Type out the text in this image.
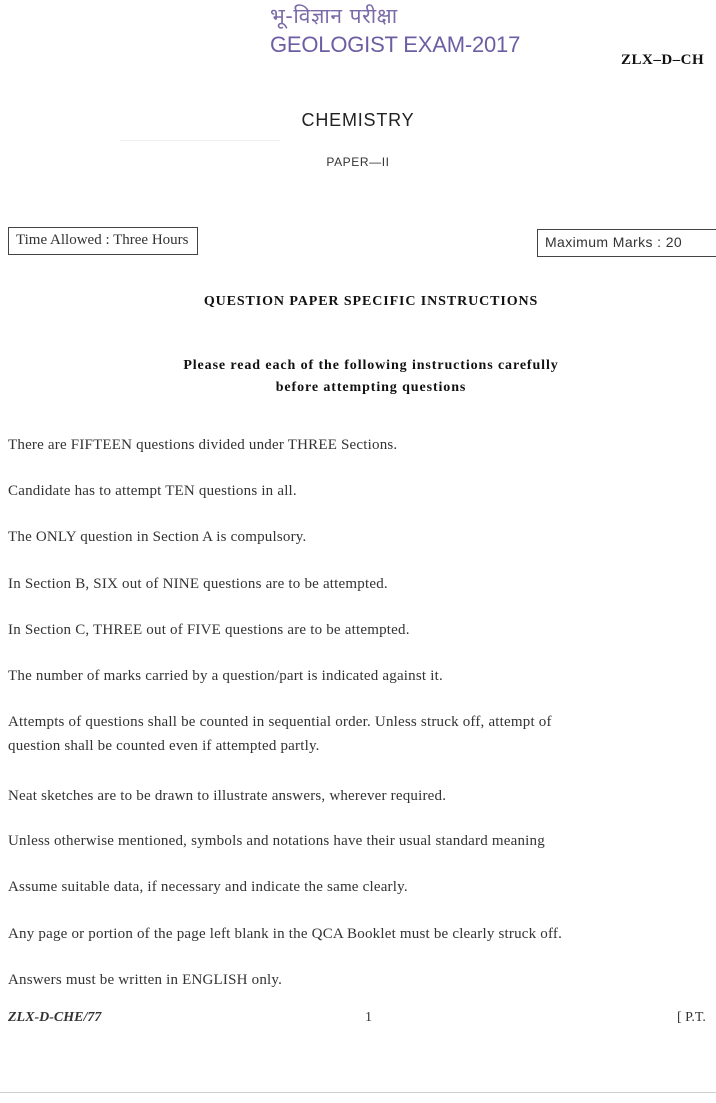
भू-विज्ञान परीक्षा
GEOLOGIST EXAM-2017
ZLX–D–CH
CHEMISTRY
PAPER—II
Time Allowed : Three Hours	Maximum Marks : 20
QUESTION PAPER SPECIFIC INSTRUCTIONS
Please read each of the following instructions carefully
before attempting questions
There are FIFTEEN questions divided under THREE Sections.
Candidate has to attempt TEN questions in all.
The ONLY question in Section A is compulsory.
In Section B, SIX out of NINE questions are to be attempted.
In Section C, THREE out of FIVE questions are to be attempted.
The number of marks carried by a question/part is indicated against it.
Attempts of questions shall be counted in sequential order. Unless struck off, attempt of
question shall be counted even if attempted partly.
Neat sketches are to be drawn to illustrate answers, wherever required.
Unless otherwise mentioned, symbols and notations have their usual standard meaning
Assume suitable data, if necessary and indicate the same clearly.
Any page or portion of the page left blank in the QCA Booklet must be clearly struck off.
Answers must be written in ENGLISH only.
ZLX-D-CHE/77	1	[ P.T.
